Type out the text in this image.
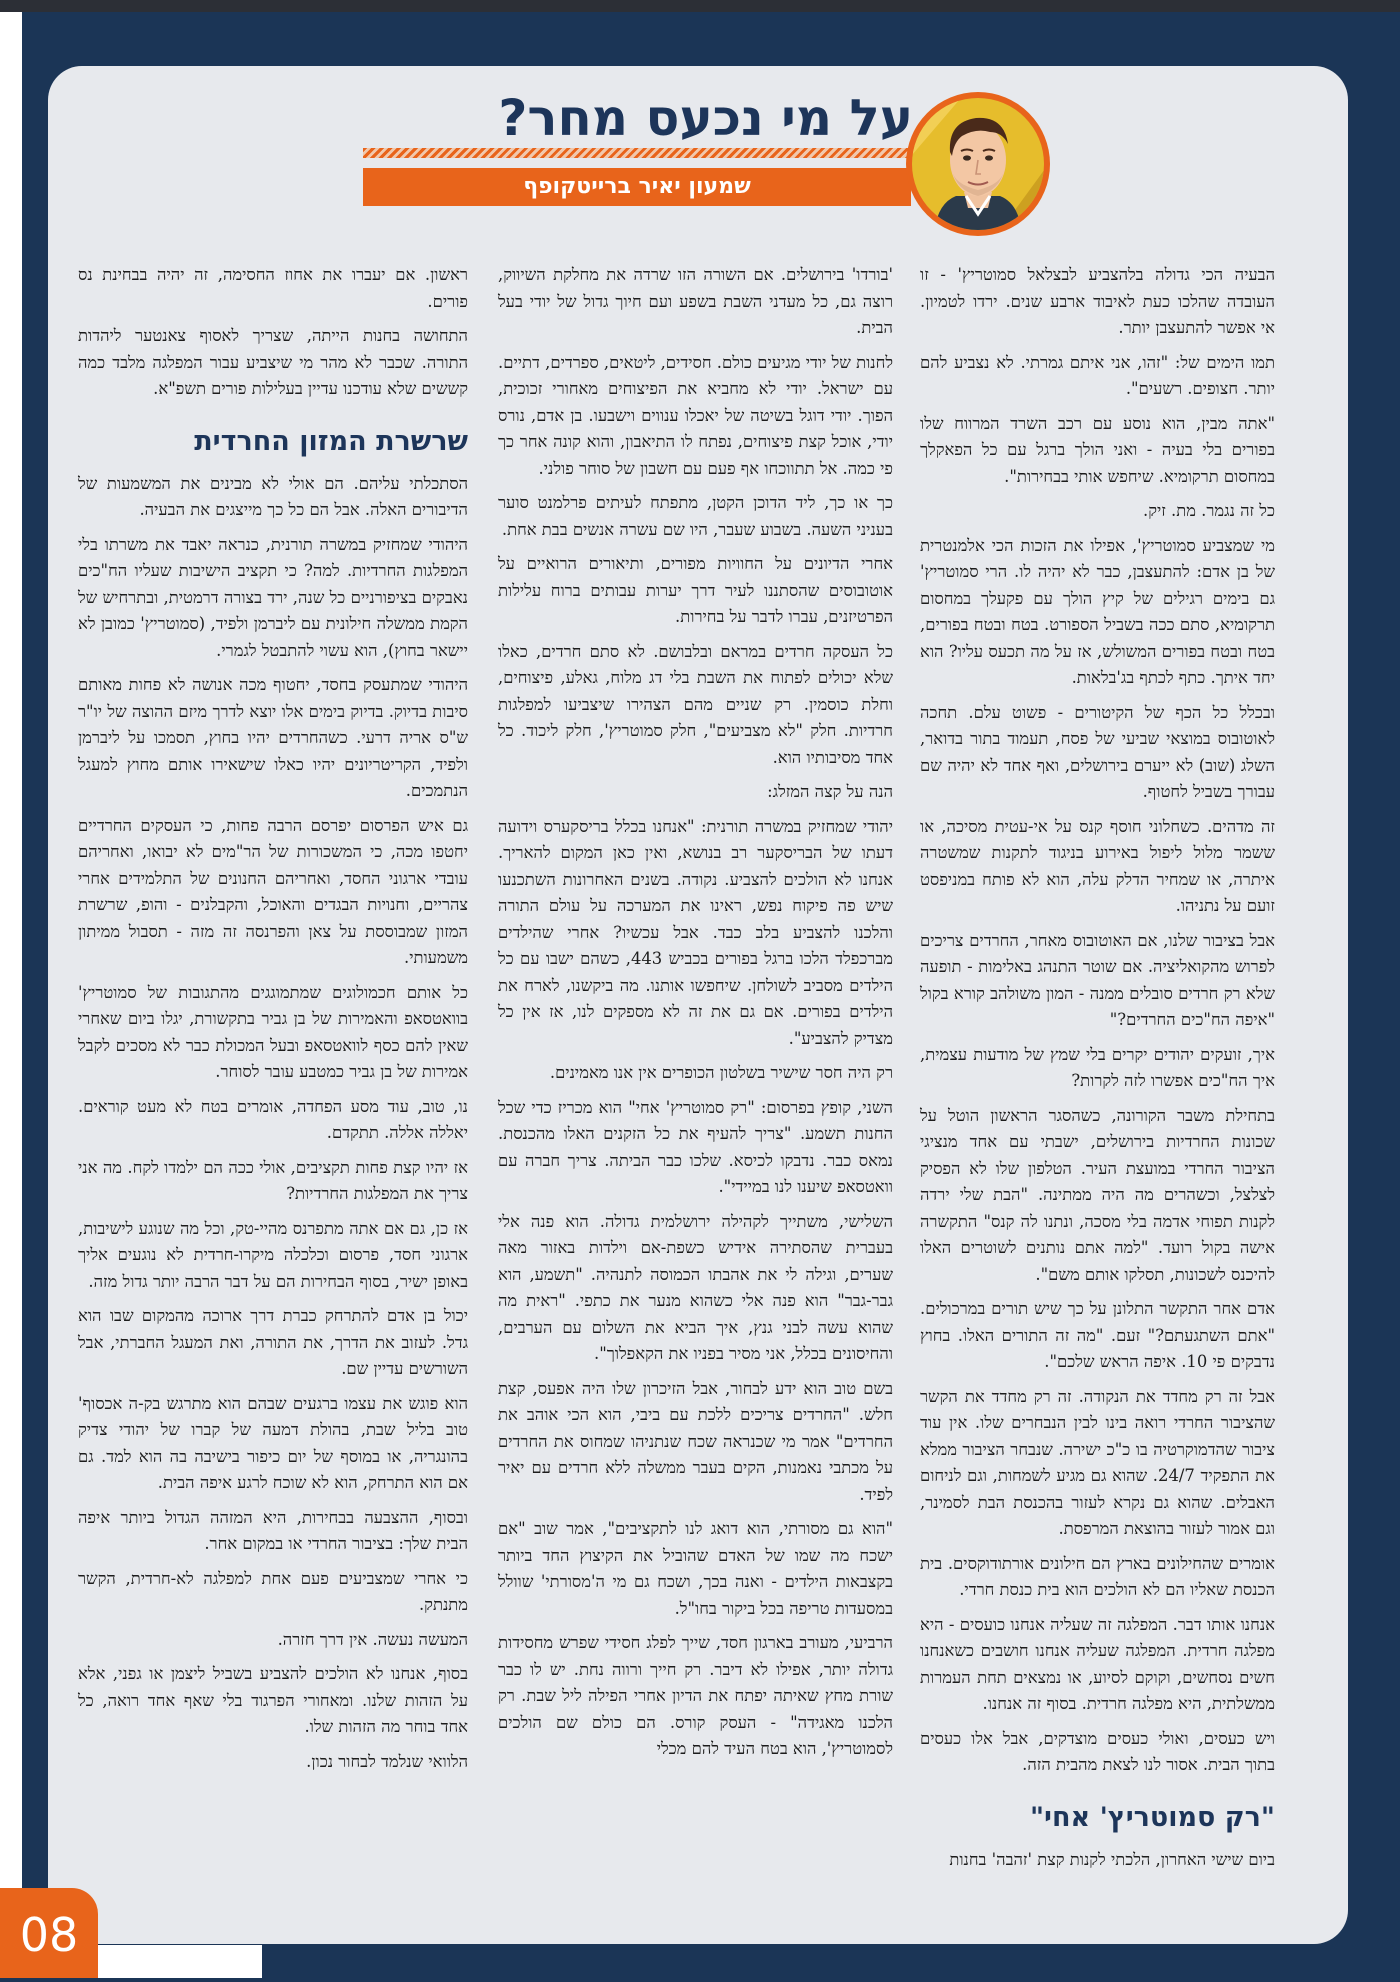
על מי נכעס מחר?
שמעון יאיר ברייטקופף

הבעיה הכי גדולה בלהצביע לבצלאל סמוטריץ' - זו העובדה שהלכו כעת לאיבוד ארבע שנים. ירדו לטמיון. אי אפשר להתעצבן יותר.

תמו הימים של: "זהו, אני איתם גמרתי. לא נצביע להם יותר. חצופים. רשעים".

"אתה מבין, הוא נוסע עם רכב השרד המרווח שלו בפורים בלי בעיה - ואני הולך ברגל עם כל הפאקלך במחסום תרקומיא. שיחפש אותי בבחירות".

כל זה נגמר. מת. זיק.

מי שמצביע סמוטריץ', אפילו את הזכות הכי אלמנטרית של בן אדם: להתעצבן, כבר לא יהיה לו. הרי סמוטריץ' גם בימים רגילים של קיץ הולך עם פקעלך במחסום תרקומיא, סתם ככה בשביל הספורט. בטח ובטח בפורים, בטח ובטח בפורים המשולש, אז על מה תכעס עליו? הוא יחד איתך. כתף לכתף בג'בלאות.

ובכלל כל הכף של הקיטורים - פשוט עלם. תחכה לאוטובוס במוצאי שביעי של פסח, תעמוד בתור בדואר, השלג (שוב) לא ייערם בירושלים, ואף אחד לא יהיה שם עבורך בשביל לחטוף.

זה מדהים. כשחלוני חוסף קנס על אי-עטית מסיכה, או ששמר מלול ליפול באירוע בניגוד לתקנות שמשטרה איתרה, או שמחיר הדלק עלה, הוא לא פותח במניפסט זועם על נתניהו.

אבל בציבור שלנו, אם האוטובוס מאחר, החרדים צריכים לפרוש מהקואליציה. אם שוטר התנהג באלימות - תופעה שלא רק חרדים סובלים ממנה - המון משולהב קורא בקול "איפה הח"כים החרדים?"

איך, זועקים יהודים יקרים בלי שמץ של מודעות עצמית, איך הח"כים אפשרו לזה לקרות?

בתחילת משבר הקורונה, כשהסגר הראשון הוטל על שכונות החרדיות בירושלים, ישבתי עם אחד מנציגי הציבור החרדי במועצת העיר. הטלפון שלו לא הפסיק לצלצל, וכשהרים מה היה ממתינה. "הבת שלי ירדה לקנות תפוחי אדמה בלי מסכה, ונתנו לה קנס" התקשרה אישה בקול רועד. "למה אתם נותנים לשוטרים האלו להיכנס לשכונות, תסלקו אותם משם".

אדם אחר התקשר התלונן על כך שיש תורים במרכולים. "אתם השתגעתם?" זעם. "מה זה התורים האלו. בחוץ נדבקים פי 10. איפה הראש שלכם".

אבל זה רק מחדד את הנקודה. זה רק מחדד את הקשר שהציבור החרדי רואה בינו לבין הנבחרים שלו. אין עוד ציבור שהדמוקרטיה בו כ"כ ישירה. שנבחר הציבור ממלא את התפקיד 24/7. שהוא גם מגיע לשמחות, וגם לניחום האבלים. שהוא גם נקרא לעזור בהכנסת הבת לסמינר, וגם אמור לעזור בהוצאת המרפסת.

אומרים שהחילונים בארץ הם חילונים אורתודוקסים. בית הכנסת שאליו הם לא הולכים הוא בית כנסת חרדי.

אנחנו אותו דבר. המפלגה זה שעליה אנחנו כועסים - היא מפלגה חרדית. המפלגה שעליה אנחנו חושבים כשאנחנו חשים נסחשים, וקוקם לסיוע, או נמצאים תחת העמרות ממשלתית, היא מפלגה חרדית. בסוף זה אנחנו.

ויש כעסים, ואולי כעסים מוצדקים, אבל אלו כעסים בתוך הבית. אסור לנו לצאת מהבית הזה.

"רק סמוטריץ' אחי"

ביום שישי האחרון, הלכתי לקנות קצת 'זהבה' בחנות

'בורדו' בירושלים. אם השורה הזו שרדה את מחלקת השיווק, רוצה גם, כל מעדני השבת בשפע ועם חיוך גדול של יודי בעל הבית.

לחנות של יודי מגיעים כולם. חסידים, ליטאים, ספרדים, דתיים. עם ישראל. יודי לא מחביא את הפיצוחים מאחורי זכוכית, הפוך. יודי דוגל בשיטה של יאכלו ענווים וישבעו. בן אדם, נורס יודי, אוכל קצת פיצוחים, נפתח לו התיאבון, והוא קונה אחר כך פי כמה. אל תתווכחו אף פעם עם חשבון של סוחר פולני.

כך או כך, ליד הדוכן הקטן, מתפתח לעיתים פרלמנט סוער בעניני השעה. בשבוע שעבר, היו שם עשרה אנשים בבת אחת.

אחרי הדיונים על החוויות מפורים, ותיאורים הרואיים על אוטובוסים שהסתננו לעיר דרך יערות עבותים ברוח עלילות הפרטיזנים, עברו לדבר על בחירות.

כל העסקה חרדים במראם ובלבושם. לא סתם חרדים, כאלו שלא יכולים לפתוח את השבת בלי דג מלוח, גאלע, פיצוחים, וחלת כוסמין. רק שניים מהם הצהירו שיצביעו למפלגות חרדיות. חלק "לא מצביעים", חלק סמוטריץ', חלק ליכוד. כל אחד מסיבותיו הוא.

הנה על קצה המזלג:

יהודי שמחזיק במשרה תורנית: "אנחנו בכלל בריסקערס וידועה דעתו של הבריסקער רב בנושא, ואין כאן המקום להאריך. אנחנו לא הולכים להצביע. נקודה. בשנים האחרונות השתכנעו שיש פה פיקוח נפש, ראינו את המערכה על עולם התורה והלכנו להצביע בלב כבד. אבל עכשיו? אחרי שהילדים מברכפלד הלכו ברגל בפורים בכביש 443, כשהם ישבו עם כל הילדים מסביב לשולחן. שיחפשו אותנו. מה ביקשנו, לארח את הילדים בפורים. אם גם את זה לא מספקים לנו, אז אין כל מצדיק להצביע".

רק היה חסר שישיר בשלטון הכופרים אין אנו מאמינים.

השני, קופץ בפרסום: "רק סמוטריץ' אחי" הוא מכריז כדי שכל החנות תשמע. "צריך להעיף את כל הזקנים האלו מהכנסת. נמאס כבר. נדבקו לכיסא. שלכו כבר הביתה. צריך חברה עם וואטסאפ שיענו לנו במיידי".

השלישי, משתייך לקהילה ירושלמית גדולה. הוא פנה אלי בעברית שהסתירה אידיש כשפת-אם וילדות באזור מאה שערים, וגילה לי את אהבתו הכמוסה לתנהיה. "תשמע, הוא גבר-גבר" הוא פנה אלי כשהוא מנער את כתפי. "ראית מה שהוא עשה לבני גנץ, איך הביא את השלום עם הערבים, והחיסונים בכלל, אני מסיר בפניו את הקאפלוך".

בשם טוב הוא ידע לבחור, אבל הזיכרון שלו היה אפעס, קצת חלש. "החרדים צריכים ללכת עם ביבי, הוא הכי אוהב את החרדים" אמר מי שכנראה שכח שנתניהו שמחוס את החרדים על מכתבי נאמנות, הקים בעבר ממשלה ללא חרדים עם יאיר לפיד.

"הוא גם מסורתי, הוא דואג לנו לתקציבים", אמר שוב "אם ישכח מה שמו של האדם שהוביל את הקיצוץ החד ביותר בקצבאות הילדים - ואנה בכך, ושכח גם מי ה'מסורתי' שוולל במסעדות טריפה בכל ביקור בחו"ל.

הרביעי, מעורב בארגון חסד, שייך לפלג חסידי שפרש מחסידות גדולה יותר, אפילו לא דיבר. רק חייך ורווה נחת. יש לו כבר שורת מחץ שאיתה יפתח את הדיון אחרי הפילה ליל שבת. רק הלכנו מאגידה" - העסק קורס. הם כולם שם הולכים לסמוטריץ', הוא בטח העיד להם מכלי

ראשון. אם יעברו את אחוז החסימה, זה יהיה בבחינת נס פורים.

התחושה בחנות הייתה, שצריך לאסוף צאנטער ליהדות התורה. שכבר לא מהר מי שיצביע עבור המפלגה מלבד כמה קששים שלא עודכנו עדיין בעלילות פורים תשפ"א.

שרשרת המזון החרדית

הסתכלתי עליהם. הם אולי לא מבינים את המשמעות של הדיבורים האלה. אבל הם כל כך מייצגים את הבעיה.

היהודי שמחזיק במשרה תורנית, כנראה יאבד את משרתו בלי המפלגות החרדיות. למה? כי תקציב הישיבות שעליו הח"כים נאבקים בציפורניים כל שנה, ירד בצורה דרמטית, ובתרחיש של הקמת ממשלה חילונית עם ליברמן ולפיד, (סמוטריץ' כמובן לא יישאר בחוץ), הוא עשוי להתבטל לגמרי.

היהודי שמתעסק בחסד, יחטוף מכה אנושה לא פחות מאותם סיבות בדיוק. בדיוק בימים אלו יוצא לדרך מיזם ההוצה של יו"ר ש"ס אריה דרעי. כשהחרדים יהיו בחוץ, תסמכו על ליברמן ולפיד, הקריטריונים יהיו כאלו שישאירו אותם מחוץ למעגל הנתמכים.

גם איש הפרסום יפרסם הרבה פחות, כי העסקים החרדיים יחטפו מכה, כי המשכורות של הר"מים לא יבואו, ואחריהם עובדי ארגוני החסד, ואחריהם החנונים של התלמידים אחרי צהריים, וחנויות הבגדים והאוכל, והקבלנים - והופ, שרשרת המזון שמבוססת על צאן והפרנסה זה מזה - תסבול ממיתון משמעותי.

כל אותם חכמולוגים שמתמוגגים מהתגובות של סמוטריץ' בוואטסאפ והאמירות של בן גביר בתקשורת, יגלו ביום שאחרי שאין להם כסף לוואטסאפ ובעל המכולת כבר לא מסכים לקבל אמירות של בן גביר כמטבע עובר לסוחר.

נו, טוב, עוד מסע הפחדה, אומרים בטח לא מעט קוראים. יאללה אללה. תתקדם.

אז יהיו קצת פחות תקציבים, אולי ככה הם ילמדו לקח. מה אני צריך את המפלגות החרדיות?

אז כן, גם אם אתה מתפרנס מהיי-טק, וכל מה שנוגע לישיבות, ארגוני חסד, פרסום וכלכלה מיקרו-חרדית לא נוגעים אליך באופן ישיר, בסוף הבחירות הם על דבר הרבה יותר גדול מזה.

יכול בן אדם להתרחק כברת דרך ארוכה מהמקום שבו הוא גדל. לעזוב את הדרך, את התורה, ואת המעגל החברתי, אבל השורשים עדיין שם.

הוא פוגש את עצמו ברגעים שבהם הוא מתרגש בק-ה אכסוף' טוב בליל שבת, בהולת דמעה של קברו של יהודי צדיק בהונגריה, או במוסף של יום כיפור בישיבה בה הוא למד. גם אם הוא התרחק, הוא לא שוכח לרגע איפה הבית.

ובסוף, ההצבעה בבחירות, היא המזהה הגדול ביותר איפה הבית שלך: בציבור החרדי או במקום אחר.

כי אחרי שמצביעים פעם אחת למפלגה לא-חרדית, הקשר מתנתק.

המעשה נעשה. אין דרך חזרה.

בסוף, אנחנו לא הולכים להצביע בשביל ליצמן או גפני, אלא על הזהות שלנו. ומאחורי הפרגוד בלי שאף אחד רואה, כל אחד בוחר מה הזהות שלו.

הלוואי שנלמד לבחור נכון.

08
